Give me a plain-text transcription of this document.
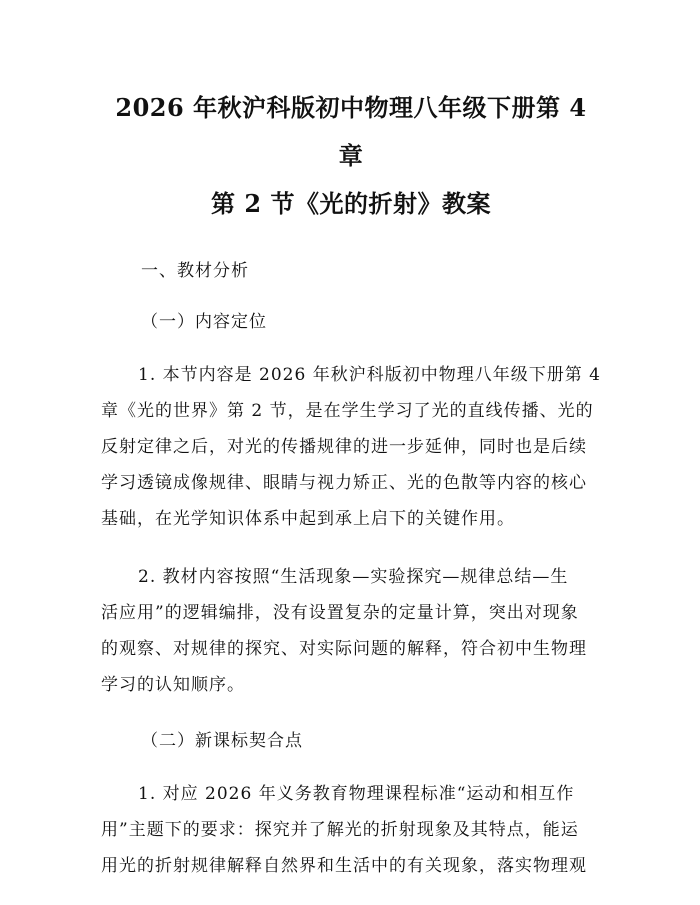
2026 年秋沪科版初中物理八年级下册第 4 章
第 2 节《光的折射》教案
一、教材分析
（一）内容定位

1. 本节内容是 2026 年秋沪科版初中物理八年级下册第 4
章《光的世界》第 2 节，是在学生学习了光的直线传播、光的
反射定律之后，对光的传播规律的进一步延伸，同时也是后续
学习透镜成像规律、眼睛与视力矫正、光的色散等内容的核心
基础，在光学知识体系中起到承上启下的关键作用。

2. 教材内容按照“生活现象—实验探究—规律总结—生
活应用”的逻辑编排，没有设置复杂的定量计算，突出对现象
的观察、对规律的探究、对实际问题的解释，符合初中生物理
学习的认知顺序。

（二）新课标契合点

1. 对应 2026 年义务教育物理课程标准“运动和相互作
用”主题下的要求：探究并了解光的折射现象及其特点，能运
用光的折射规律解释自然界和生活中的有关现象，落实物理观
